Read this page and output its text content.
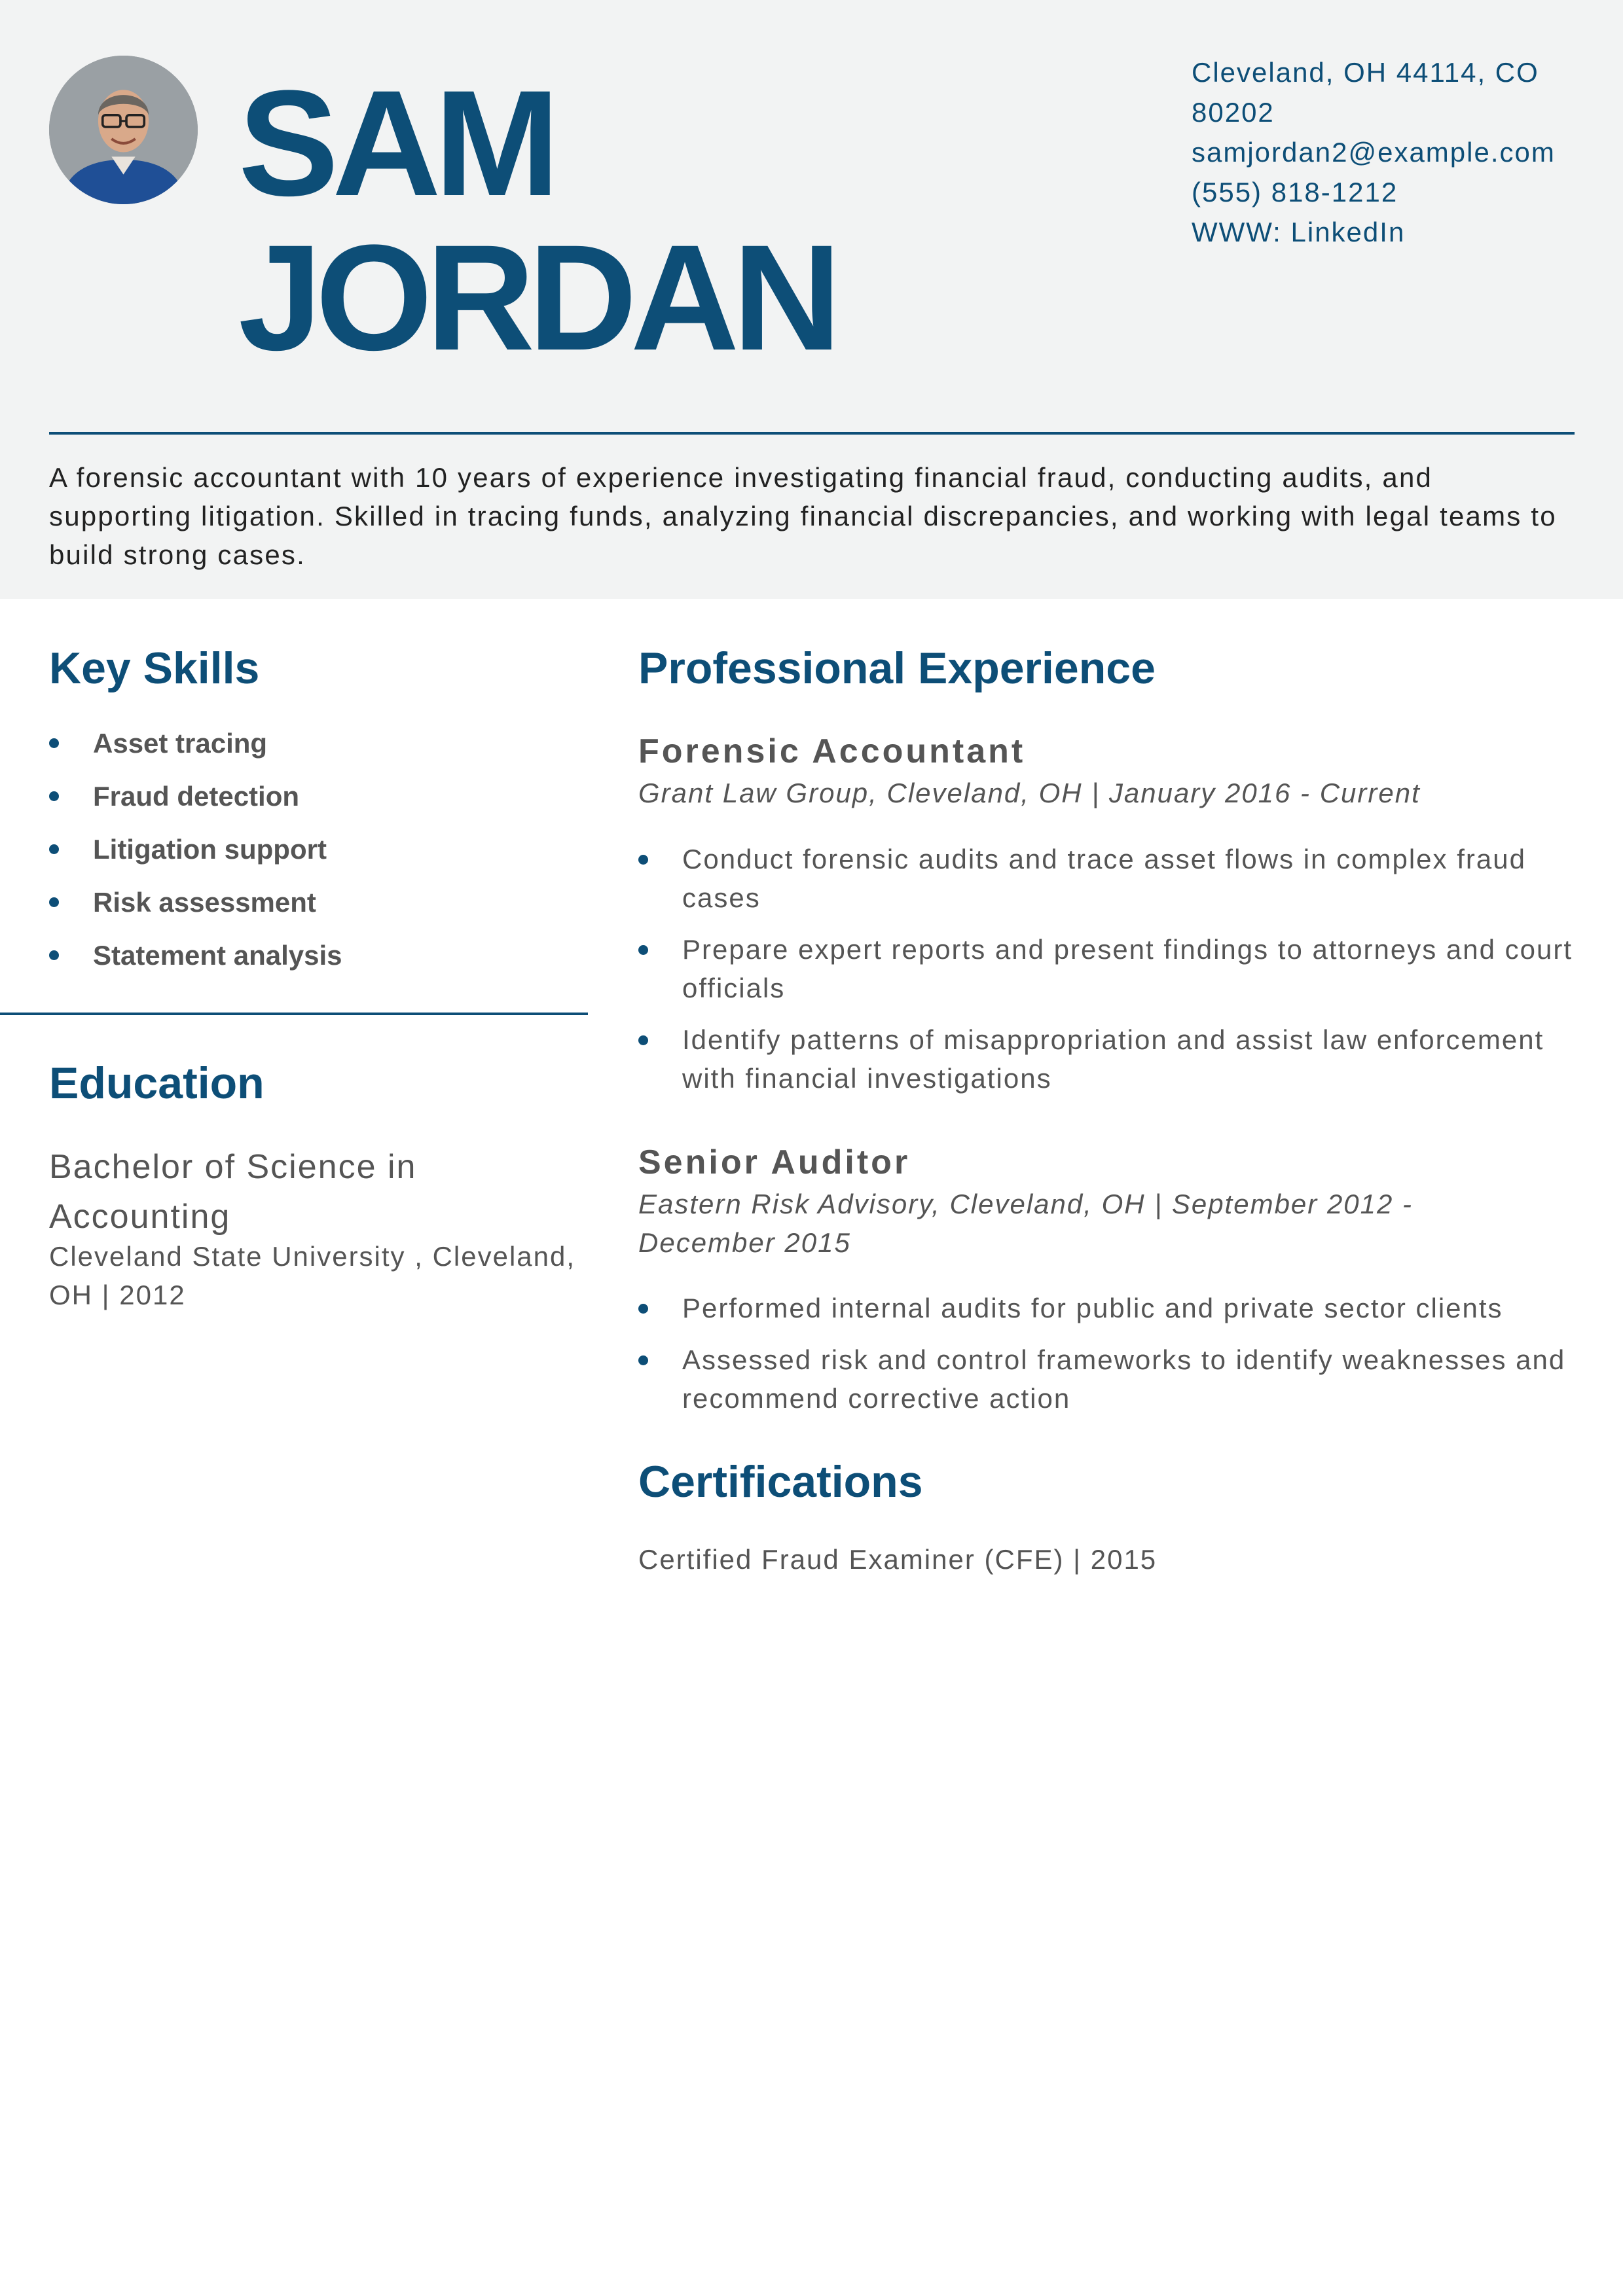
SAM
JORDAN
Cleveland, OH 44114, CO
80202
samjordan2@example.com
(555) 818-1212
WWW: LinkedIn
A forensic accountant with 10 years of experience investigating financial fraud, conducting audits, and supporting litigation. Skilled in tracing funds, analyzing financial discrepancies, and working with legal teams to build strong cases.
Key Skills
Asset tracing
Fraud detection
Litigation support
Risk assessment
Statement analysis
Education
Bachelor of Science in Accounting
Cleveland State University , Cleveland, OH | 2012
Professional Experience
Forensic Accountant
Grant Law Group, Cleveland, OH | January 2016 - Current
Conduct forensic audits and trace asset flows in complex fraud cases
Prepare expert reports and present findings to attorneys and court officials
Identify patterns of misappropriation and assist law enforcement with financial investigations
Senior Auditor
Eastern Risk Advisory, Cleveland, OH | September 2012 - December 2015
Performed internal audits for public and private sector clients
Assessed risk and control frameworks to identify weaknesses and recommend corrective action
Certifications
Certified Fraud Examiner (CFE) | 2015
